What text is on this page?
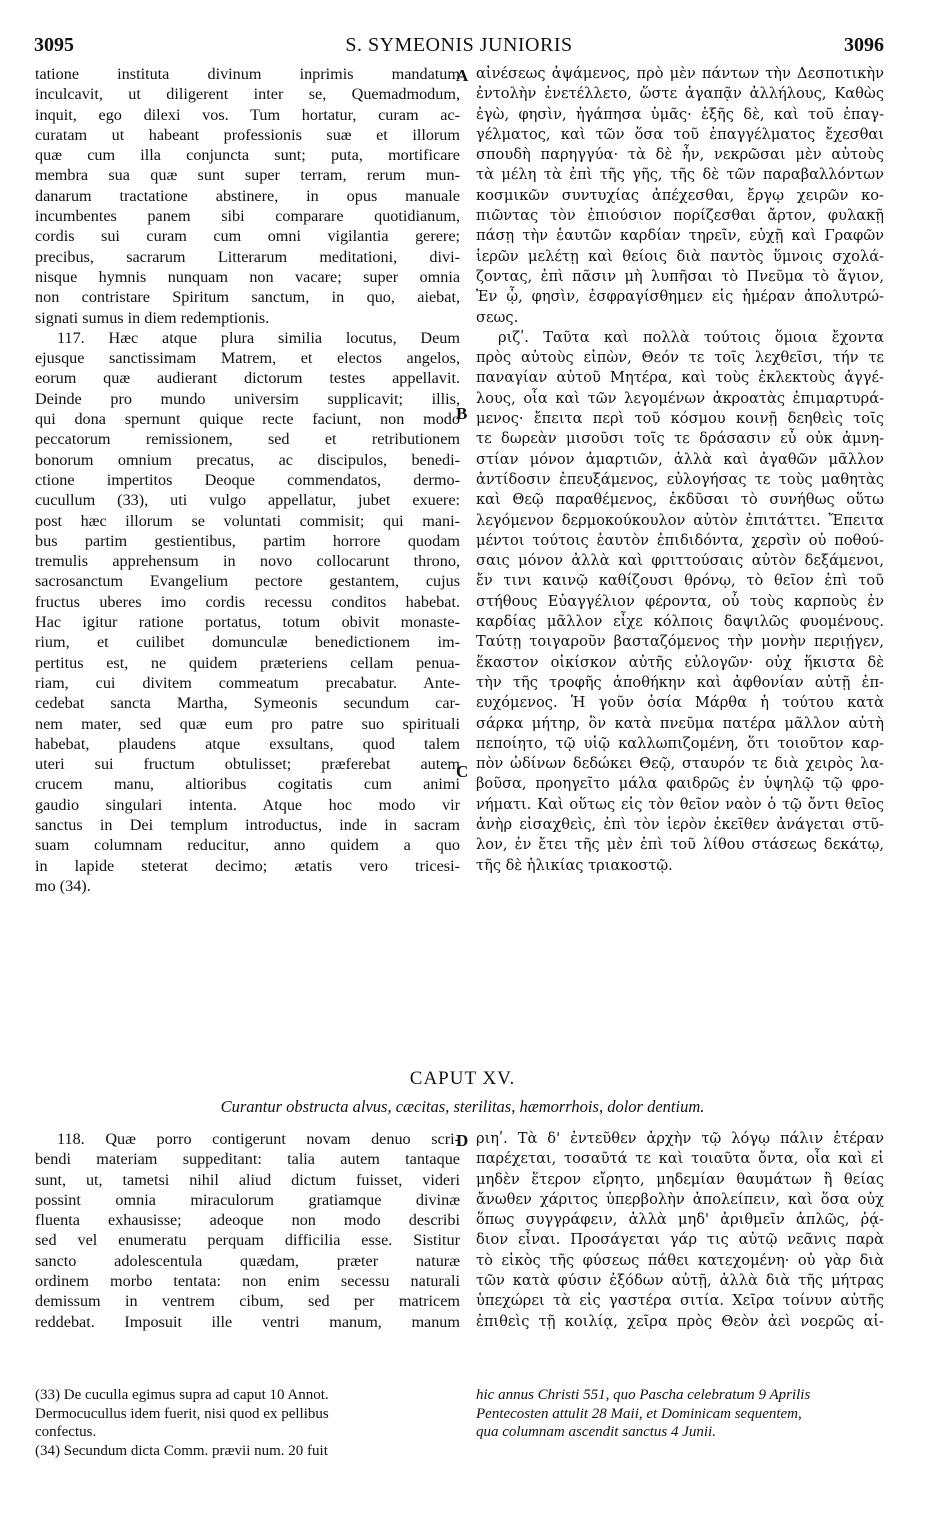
3095	S. SYMEONIS JUNIORIS	3096
A
B
C
D

tatione instituta divinum inprimis mandatum

inculcavit, ut diligerent inter se, Quemadmodum,

inquit, ego dilexi vos. Tum hortatur, curam ac-

curatam ut habeant professionis suæ et illorum

quæ cum illa conjuncta sunt; puta, mortificare

membra sua quæ sunt super terram, rerum mun-

danarum tractatione abstinere, in opus manuale

incumbentes panem sibi comparare quotidianum,

cordis sui curam cum omni vigilantia gerere;

precibus, sacrarum Litterarum meditationi, divi-

nisque hymnis nunquam non vacare; super omnia

non contristare Spiritum sanctum, in quo, aiebat,

signati sumus in diem redemptionis.

117. Hæc atque plura similia locutus, Deum

ejusque sanctissimam Matrem, et electos angelos,

eorum quæ audierant dictorum testes appellavit.

Deinde pro mundo universim supplicavit; illis,

qui dona spernunt quique recte faciunt, non modo

peccatorum remissionem, sed et retributionem

bonorum omnium precatus, ac discipulos, benedi-

ctione impertitos Deoque commendatos, dermo-

cucullum (33), uti vulgo appellatur, jubet exuere:

post hæc illorum se voluntati commisit; qui mani-

bus partim gestientibus, partim horrore quodam

tremulis apprehensum in novo collocarunt throno,

sacrosanctum Evangelium pectore gestantem, cujus

fructus uberes imo cordis recessu conditos habebat.

Hac igitur ratione portatus, totum obivit monaste-

rium, et cuilibet domunculæ benedictionem im-

pertitus est, ne quidem præteriens cellam penua-

riam, cui divitem commeatum precabatur. Ante-

cedebat sancta Martha, Symeonis secundum car-

nem mater, sed quæ eum pro patre suo spirituali

habebat, plaudens atque exsultans, quod talem

uteri sui fructum obtulisset; præferebat autem

crucem manu, altioribus cogitatis cum animi

gaudio singulari intenta. Atque hoc modo vir

sanctus in Dei templum introductus, inde in sacram

suam columnam reducitur, anno quidem a quo

in lapide steterat decimo; ætatis vero tricesi-

mo (34).

αἰνέσεως ἀψάμενος, πρὸ μὲν πάντων τὴν Δεσποτικὴν

ἐντολὴν ἐνετέλλετο, ὥστε ἀγαπᾷν ἀλλήλους, Καθὼς

ἐγὼ, φησὶν, ἠγάπησα ὑμᾶς· ἑξῆς δὲ, καὶ τοῦ ἐπαγ-

γέλματος, καὶ τῶν ὅσα τοῦ ἐπαγγέλματος ἔχεσθαι

σπουδὴ παρηγγύα· τὰ δὲ ἦν, νεκρῶσαι μὲν αὐτοὺς

τὰ μέλη τὰ ἐπὶ τῆς γῆς, τῆς δὲ τῶν παραβαλλόντων

κοσμικῶν συντυχίας ἀπέχεσθαι, ἔργῳ χειρῶν κο-

πιῶντας τὸν ἐπιούσιον πορίζεσθαι ἄρτον, φυλακῇ

πάσῃ τὴν ἑαυτῶν καρδίαν τηρεῖν, εὐχῇ καὶ Γραφῶν

ἱερῶν μελέτῃ καὶ θείοις διὰ παντὸς ὕμνοις σχολά-

ζοντας, ἐπὶ πᾶσιν μὴ λυπῆσαι τὸ Πνεῦμα τὸ ἅγιον,

Ἐν ᾧ, φησὶν, ἐσφραγίσθημεν εἰς ἡμέραν ἀπολυτρώ-

σεως.

ριζʹ. Ταῦτα καὶ πολλὰ τούτοις ὅμοια ἔχοντα

πρὸς αὐτοὺς εἰπὼν, Θεόν τε τοῖς λεχθεῖσι, τήν τε

παναγίαν αὐτοῦ Μητέρα, καὶ τοὺς ἐκλεκτοὺς ἀγγέ-

λους, οἷα καὶ τῶν λεγομένων ἀκροατὰς ἐπιμαρτυρά-

μενος· ἔπειτα περὶ τοῦ κόσμου κοινῇ δεηθεὶς τοῖς

τε δωρεὰν μισοῦσι τοῖς τε δράσασιν εὖ οὐκ ἀμνη-

στίαν μόνον ἁμαρτιῶν, ἀλλὰ καὶ ἀγαθῶν μᾶλλον

ἀντίδοσιν ἐπευξάμενος, εὐλογήσας τε τοὺς μαθητὰς

καὶ Θεῷ παραθέμενος, ἐκδῦσαι τὸ συνήθως οὕτω

λεγόμενον δερμοκούκουλον αὐτὸν ἐπιτάττει. Ἔπειτα

μέντοι τούτοις ἑαυτὸν ἐπιδιδόντα, χερσὶν οὐ ποθού-

σαις μόνον ἀλλὰ καὶ φριττούσαις αὐτὸν δεξάμενοι,

ἔν τινι καινῷ καθίζουσι θρόνῳ, τὸ θεῖον ἐπὶ τοῦ

στήθους Εὐαγγέλιον φέροντα, οὗ τοὺς καρποὺς ἐν

καρδίας μᾶλλον εἶχε κόλποις δαψιλῶς φυομένους.

Ταύτῃ τοιγαροῦν βασταζόμενος τὴν μονὴν περιῄγεν,

ἕκαστον οἰκίσκον αὐτῆς εὐλογῶν· οὐχ ἥκιστα δὲ

τὴν τῆς τροφῆς ἀποθήκην καὶ ἀφθονίαν αὐτῇ ἐπ-

ευχόμενος. Ἡ γοῦν ὁσία Μάρθα ἡ τούτου κατὰ

σάρκα μήτηρ, ὃν κατὰ πνεῦμα πατέρα μᾶλλον αὐτὴ

πεποίητο, τῷ υἱῷ καλλωπιζομένη, ὅτι τοιοῦτον καρ-

πὸν ὠδίνων δεδώκει Θεῷ, σταυρόν τε διὰ χειρὸς λα-

βοῦσα, προηγεῖτο μάλα φαιδρῶς ἐν ὑψηλῷ τῷ φρο-

νήματι. Καὶ οὕτως εἰς τὸν θεῖον ναὸν ὁ τῷ ὄντι θεῖος

ἀνὴρ εἰσαχθεὶς, ἐπὶ τὸν ἱερὸν ἐκεῖθεν ἀνάγεται στῦ-

λον, ἐν ἔτει τῆς μὲν ἐπὶ τοῦ λίθου στάσεως δεκάτῳ,

τῆς δὲ ἡλικίας τριακοστῷ.

CAPUT XV.
Curantur obstructa alvus, cæcitas, sterilitas, hæmorrhois, dolor dentium.

118. Quæ porro contigerunt novam denuo scri-

bendi materiam suppeditant: talia autem tantaque

sunt, ut, tametsi nihil aliud dictum fuisset, videri

possint omnia miraculorum gratiamque divinæ

fluenta exhausisse; adeoque non modo describi

sed vel enumeratu perquam difficilia esse. Sistitur

sancto adolescentula quædam, præter naturæ

ordinem morbo tentata: non enim secessu naturali

demissum in ventrem cibum, sed per matricem

reddebat. Imposuit ille ventri manum, manum

ριηʹ. Τὰ δ' ἐντεῦθεν ἀρχὴν τῷ λόγῳ πάλιν ἑτέραν

παρέχεται, τοσαῦτά τε καὶ τοιαῦτα ὄντα, οἷα καὶ εἰ

μηδὲν ἕτερον εἴρητο, μηδεμίαν θαυμάτων ἢ θείας

ἄνωθεν χάριτος ὑπερβολὴν ἀπολείπειν, καὶ ὅσα οὐχ

ὅπως συγγράφειν, ἀλλὰ μηδ' ἀριθμεῖν ἁπλῶς, ῥᾴ-

διον εἶναι. Προσάγεται γάρ τις αὐτῷ νεᾶνις παρὰ

τὸ εἰκὸς τῆς φύσεως πάθει κατεχομένη· οὐ γὰρ διὰ

τῶν κατὰ φύσιν ἐξόδων αὐτῇ, ἀλλὰ διὰ τῆς μήτρας

ὑπεχώρει τὰ εἰς γαστέρα σιτία. Χεῖρα τοίνυν αὐτῆς

ἐπιθεὶς τῇ κοιλίᾳ, χεῖρα πρὸς Θεὸν ἀεὶ νοερῶς αἰ-

(33) De cuculla egimus supra ad caput 10 Annot.

Dermocucullus idem fuerit, nisi quod ex pellibus

confectus.

(34) Secundum dicta Comm. prævii num. 20 fuit

hic annus Christi 551, quo Pascha celebratum 9 Aprilis

Pentecosten attulit 28 Maii, et Dominicam sequentem,

qua columnam ascendit sanctus 4 Junii.
